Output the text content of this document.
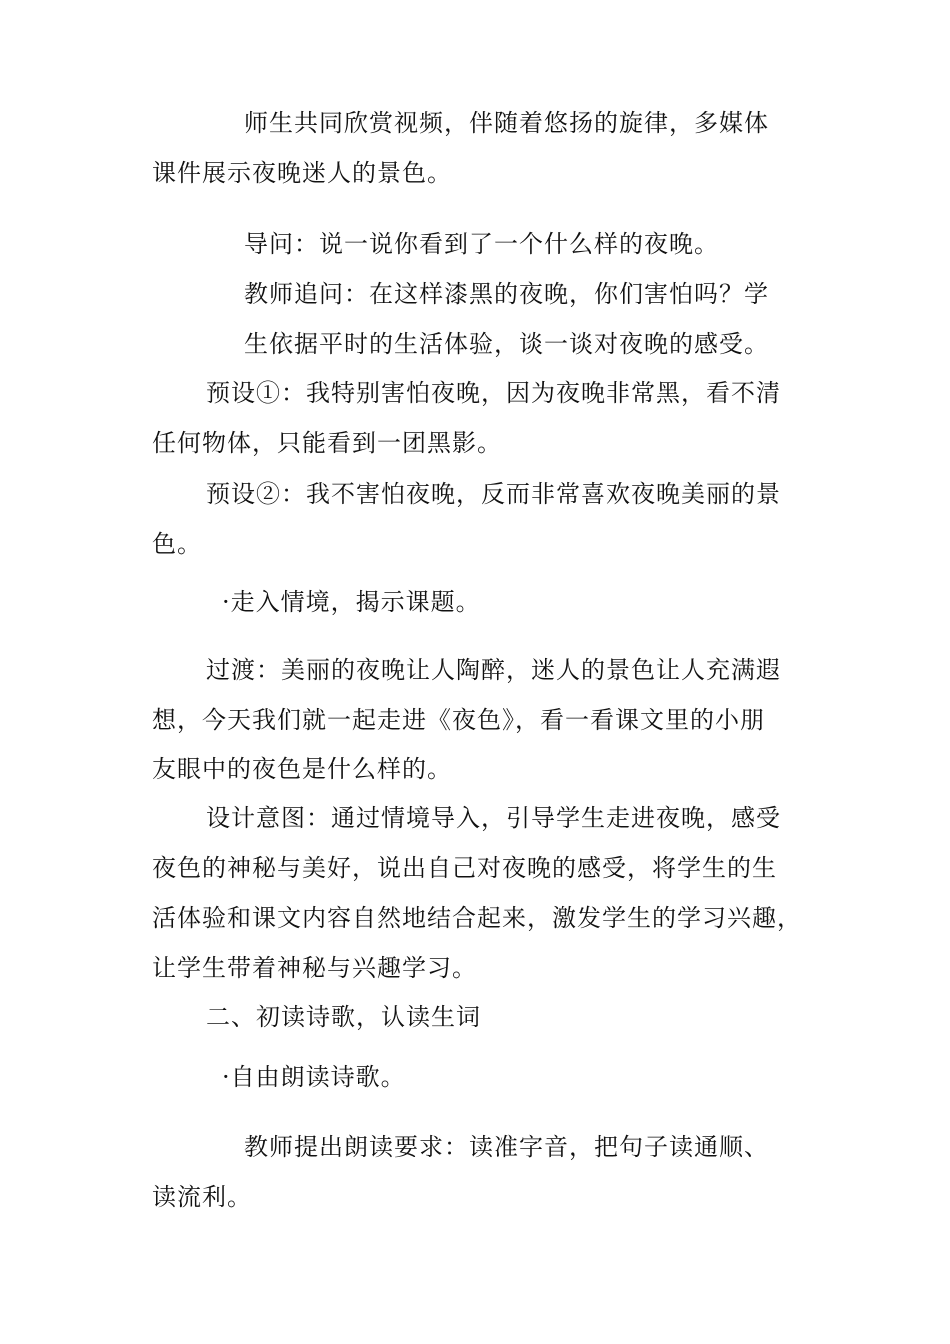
师生共同欣赏视频，伴随着悠扬的旋律，多媒体
课件展示夜晚迷人的景色。
导问：说一说你看到了一个什么样的夜晚。
教师追问：在这样漆黑的夜晚，你们害怕吗？学
生依据平时的生活体验，谈一谈对夜晚的感受。
预设①：我特别害怕夜晚，因为夜晚非常黑，看不清
任何物体，只能看到一团黑影。
预设②：我不害怕夜晚，反而非常喜欢夜晚美丽的景
色。
·走入情境，揭示课题。
过渡：美丽的夜晚让人陶醉，迷人的景色让人充满遐
想，今天我们就一起走进《夜色》，看一看课文里的小朋
友眼中的夜色是什么样的。
设计意图：通过情境导入，引导学生走进夜晚，感受
夜色的神秘与美好，说出自己对夜晚的感受，将学生的生
活体验和课文内容自然地结合起来，激发学生的学习兴趣，
让学生带着神秘与兴趣学习。
二、初读诗歌，认读生词
·自由朗读诗歌。
教师提出朗读要求：读准字音，把句子读通顺、
读流利。
